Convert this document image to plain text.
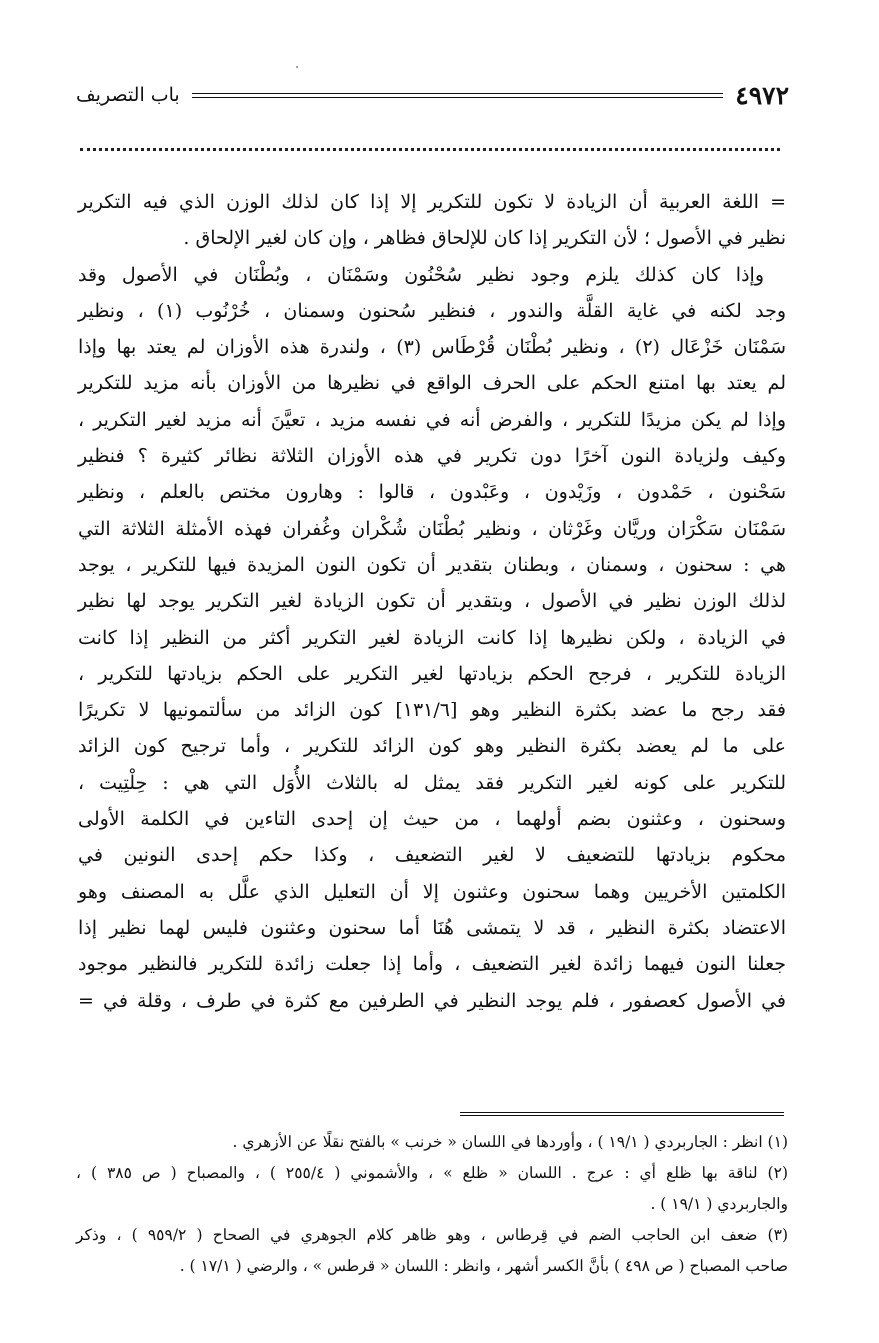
٤٩٧٢
باب التصريف
= اللغة العربية أن الزيادة لا تكون للتكرير إلا إذا كان لذلك الوزن الذي فيه التكرير
نظير في الأصول ؛ لأن التكرير إذا كان للإلحاق فظاهر ، وإن كان لغير الإلحاق .
وإذا كان كذلك يلزم وجود نظير سُحْنُون وسَمْنَان ، وبُطْنَان في الأصول وقد
وجد لكنه في غاية القلَّة والندور ، فنظير سُحنون وسمنان ، خُرْنُوب (١) ، ونظير
سَمْنَان خَزْعَال (٢) ، ونظير بُطْنَان قُرْطَاس (٣) ، ولندرة هذه الأوزان لم يعتد بها وإذا
لم يعتد بها امتنع الحكم على الحرف الواقع في نظيرها من الأوزان بأنه مزيد للتكرير
وإذا لم يكن مزيدًا للتكرير ، والفرض أنه في نفسه مزيد ، تعيَّنَ أنه مزيد لغير التكرير ،
وكيف ولزيادة النون آخرًا دون تكرير في هذه الأوزان الثلاثة نظائر كثيرة ؟ فنظير
سَحْنون ، حَمْدون ، وزَيْدون ، وعَبْدون ، قالوا : وهارون مختص بالعلم ، ونظير
سَمْنَان سَكْرَان وريَّان وغَرْثان ، ونظير بُطْنَان شُكْران وغُفران فهذه الأمثلة الثلاثة التي
هي : سحنون ، وسمنان ، وبطنان بتقدير أن تكون النون المزيدة فيها للتكرير ، يوجد
لذلك الوزن نظير في الأصول ، وبتقدير أن تكون الزيادة لغير التكرير يوجد لها نظير
في الزيادة ، ولكن نظيرها إذا كانت الزيادة لغير التكرير أكثر من النظير إذا كانت
الزيادة للتكرير ، فرجح الحكم بزيادتها لغير التكرير على الحكم بزيادتها للتكرير ،
فقد رجح ما عضد بكثرة النظير وهو [١٣١/٦] كون الزائد من سألتمونيها لا تكريرًا
على ما لم يعضد بكثرة النظير وهو كون الزائد للتكرير ، وأما ترجيح كون الزائد
للتكرير على كونه لغير التكرير فقد يمثل له بالثلاث الأُوَل التي هي : حِلْتِيت ،
وسحنون ، وعثنون بضم أولهما ، من حيث إن إحدى التاءين في الكلمة الأولى
محكوم بزيادتها للتضعيف لا لغير التضعيف ، وكذا حكم إحدى النونين في
الكلمتين الأخريين وهما سحنون وعثنون إلا أن التعليل الذي علَّل به المصنف وهو
الاعتضاد بكثرة النظير ، قد لا يتمشى هُنَا أما سحنون وعثنون فليس لهما نظير إذا
جعلنا النون فيهما زائدة لغير التضعيف ، وأما إذا جعلت زائدة للتكرير فالنظير موجود
في الأصول كعصفور ، فلم يوجد النظير في الطرفين مع كثرة في طرف ، وقلة في =
(١) انظر : الجاربردي ( ١٩/١ ) ، وأوردها في اللسان « خرنب » بالفتح نقلًا عن الأزهري .
(٢) لناقة بها ظلع أي : عرج . اللسان « ظلع » ، والأشموني ( ٢٥٥/٤ ) ، والمصباح ( ص ٣٨٥ ) ،
والجاربردي ( ١٩/١ ) .
(٣) ضعف ابن الحاجب الضم في قِرطاس ، وهو ظاهر كلام الجوهري في الصحاح ( ٩٥٩/٢ ) ، وذكر
صاحب المصباح ( ص ٤٩٨ ) بأنَّ الكسر أشهر ، وانظر : اللسان « قرطس » ، والرضي ( ١٧/١ ) .
